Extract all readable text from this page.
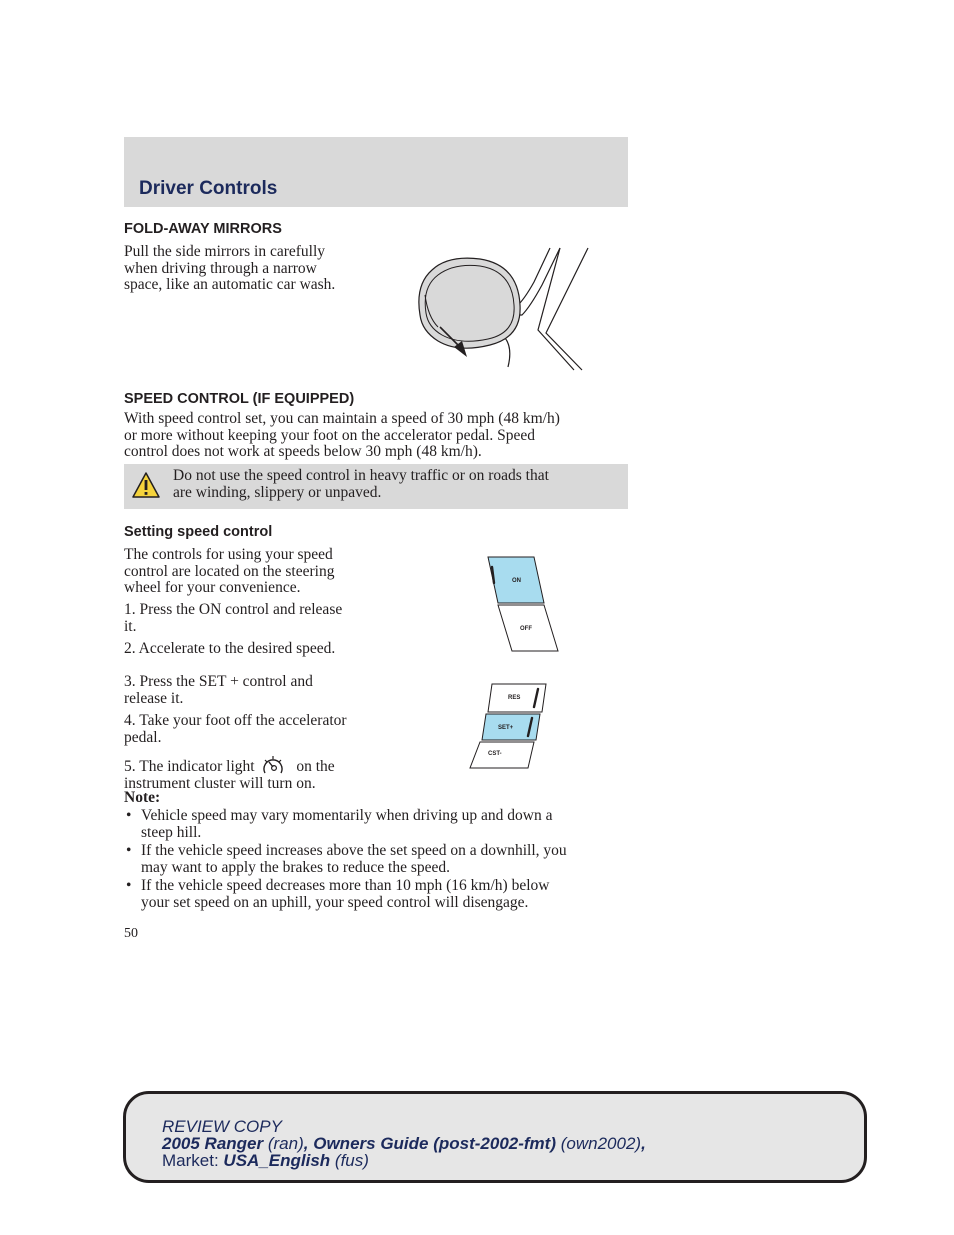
Driver Controls
FOLD-AWAY MIRRORS

Pull the side mirrors in carefully

when driving through a narrow

space, like an automatic car wash.

SPEED CONTROL (IF EQUIPPED)

With speed control set, you can maintain a speed of 30 mph (48 km/h)

or more without keeping your foot on the accelerator pedal. Speed

control does not work at speeds below 30 mph (48 km/h).

Do not use the speed control in heavy traffic or on roads that

are winding, slippery or unpaved.

Setting speed control

The controls for using your speed

control are located on the steering

wheel for your convenience.

1. Press the ON control and release

it.

2. Accelerate to the desired speed.

3. Press the SET + control and

release it.

4. Take your foot off the accelerator

pedal.

5. The indicator light	on the

instrument cluster will turn on.

ON
OFF
RES
SET+
CST-

Note:

• Vehicle speed may vary momentarily when driving up and down a
steep hill.
• If the vehicle speed increases above the set speed on a downhill, you
may want to apply the brakes to reduce the speed.
• If the vehicle speed decreases more than 10 mph (16 km/h) below
your set speed on an uphill, your speed control will disengage.
50
REVIEW COPY
2005 Ranger (ran), Owners Guide (post-2002-fmt) (own2002),
Market: USA_English (fus)
